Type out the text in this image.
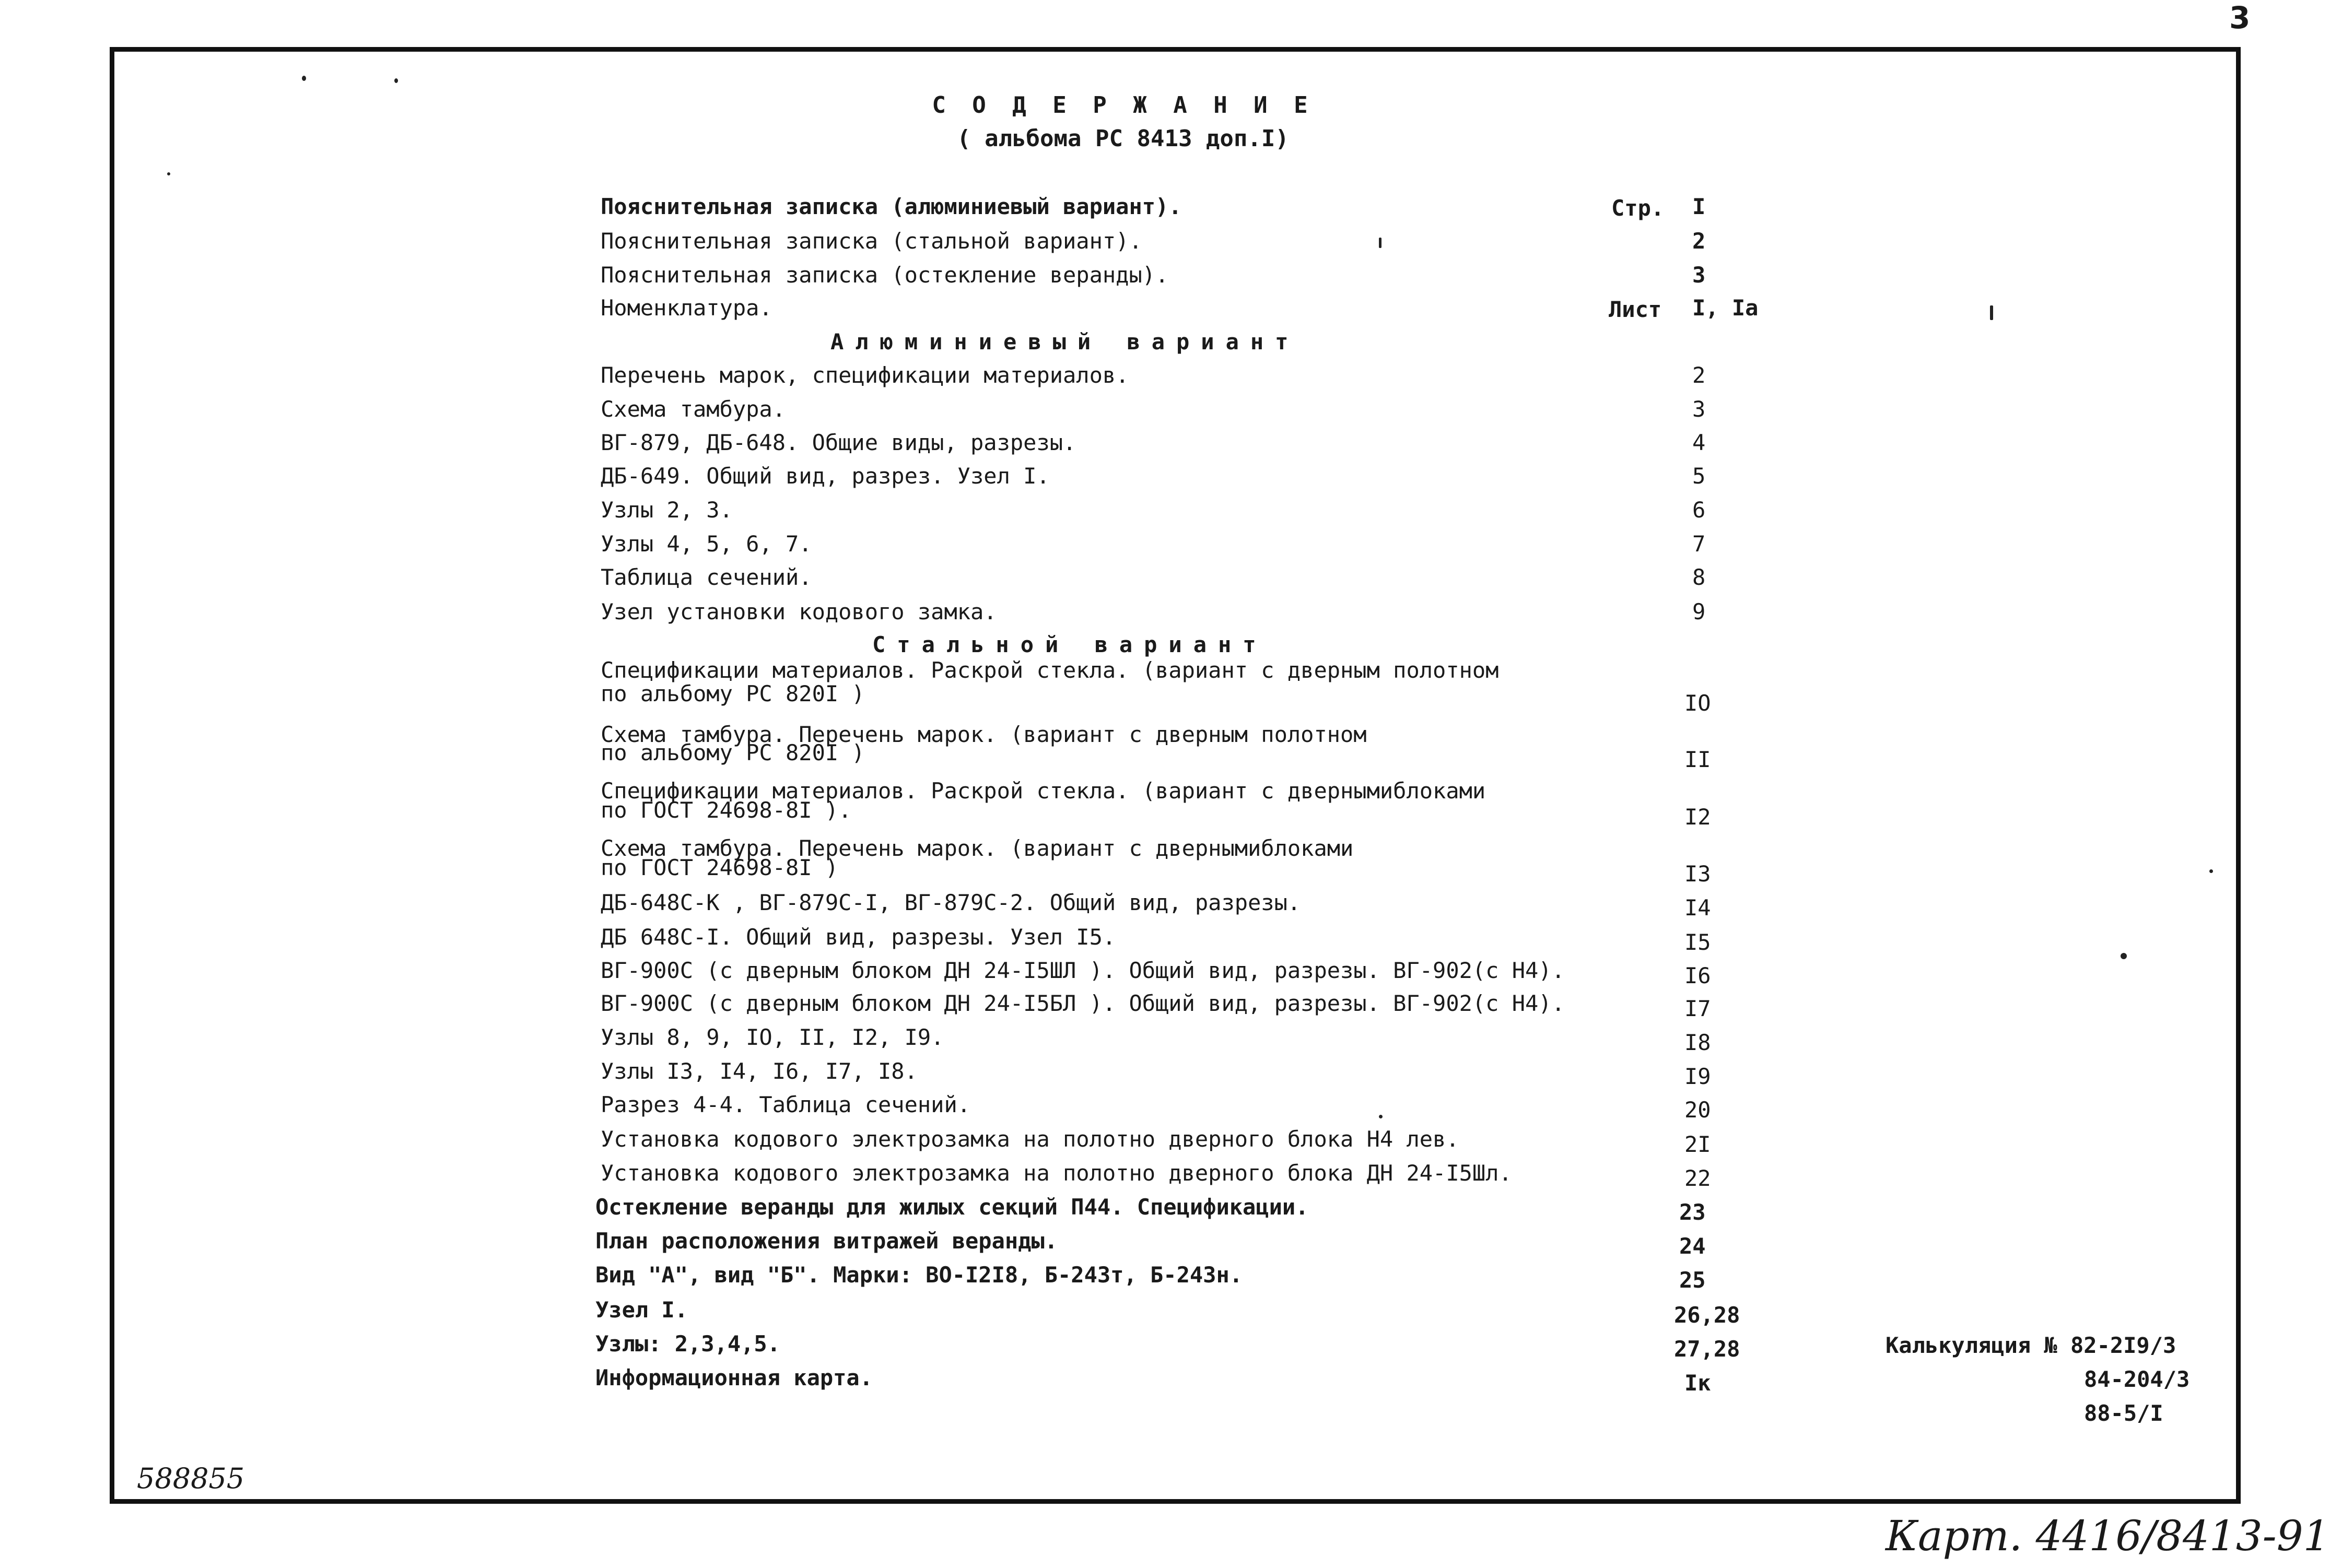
3
С О Д Е Р Ж А Н И Е
( альбома РС 8413 доп.I)
Пояснительная записка (алюминиевый вариант).	Стр. I
Пояснительная записка (стальной вариант).	2
Пояснительная записка (остекление веранды).	3
Номенклатура.	Лист I, Ia
Алюминиевый вариант
Перечень марок, спецификации материалов.	2
Схема тамбура.	3
ВГ-879, ДБ-648. Общие виды, разрезы.	4
ДБ-649. Общий вид, разрез. Узел I.	5
Узлы 2, 3.	6
Узлы 4, 5, 6, 7.	7
Таблица сечений.	8
Узел установки кодового замка.	9
Стальной вариант
Спецификации материалов. Раскрой стекла. (вариант с дверным полотном
по альбому РС 820I )	IO
Схема тамбура. Перечень марок. (вариант с дверным полотном
по альбому РС 820I )	II
Спецификации материалов. Раскрой стекла. (вариант с двернымиблоками
по ГОСТ 24698-8I ).	I2
Схема тамбура. Перечень марок. (вариант с двернымиблоками
по ГОСТ 24698-8I )	I3
ДБ-648С-К , ВГ-879С-I, ВГ-879С-2. Общий вид, разрезы.	I4
ДБ 648С-I. Общий вид, разрезы. Узел I5.	I5
ВГ-900С (с дверным блоком ДН 24-I5ШЛ ). Общий вид, разрезы. ВГ-902(с Н4).	I6
ВГ-900С (с дверным блоком ДН 24-I5БЛ ). Общий вид, разрезы. ВГ-902(с Н4).	I7
Узлы 8, 9, IO, II, I2, I9.	I8
Узлы I3, I4, I6, I7, I8.	I9
Разрез 4-4. Таблица сечений.	20
Установка кодового электрозамка на полотно дверного блока Н4 лев.	2I
Установка кодового электрозамка на полотно дверного блока ДН 24-I5Шл.	22
Остекление веранды для жилых секций П44. Спецификации.	23
План расположения витражей веранды.	24
Вид "А", вид "Б". Марки: ВО-I2I8, Б-243т, Б-243н.	25
Узел I.	26,28
Узлы: 2,3,4,5.	27,28
Информационная карта.	Iк
Калькуляция № 82-2I9/3
84-204/3
88-5/I
588855
Карт. 4416/8413-91
